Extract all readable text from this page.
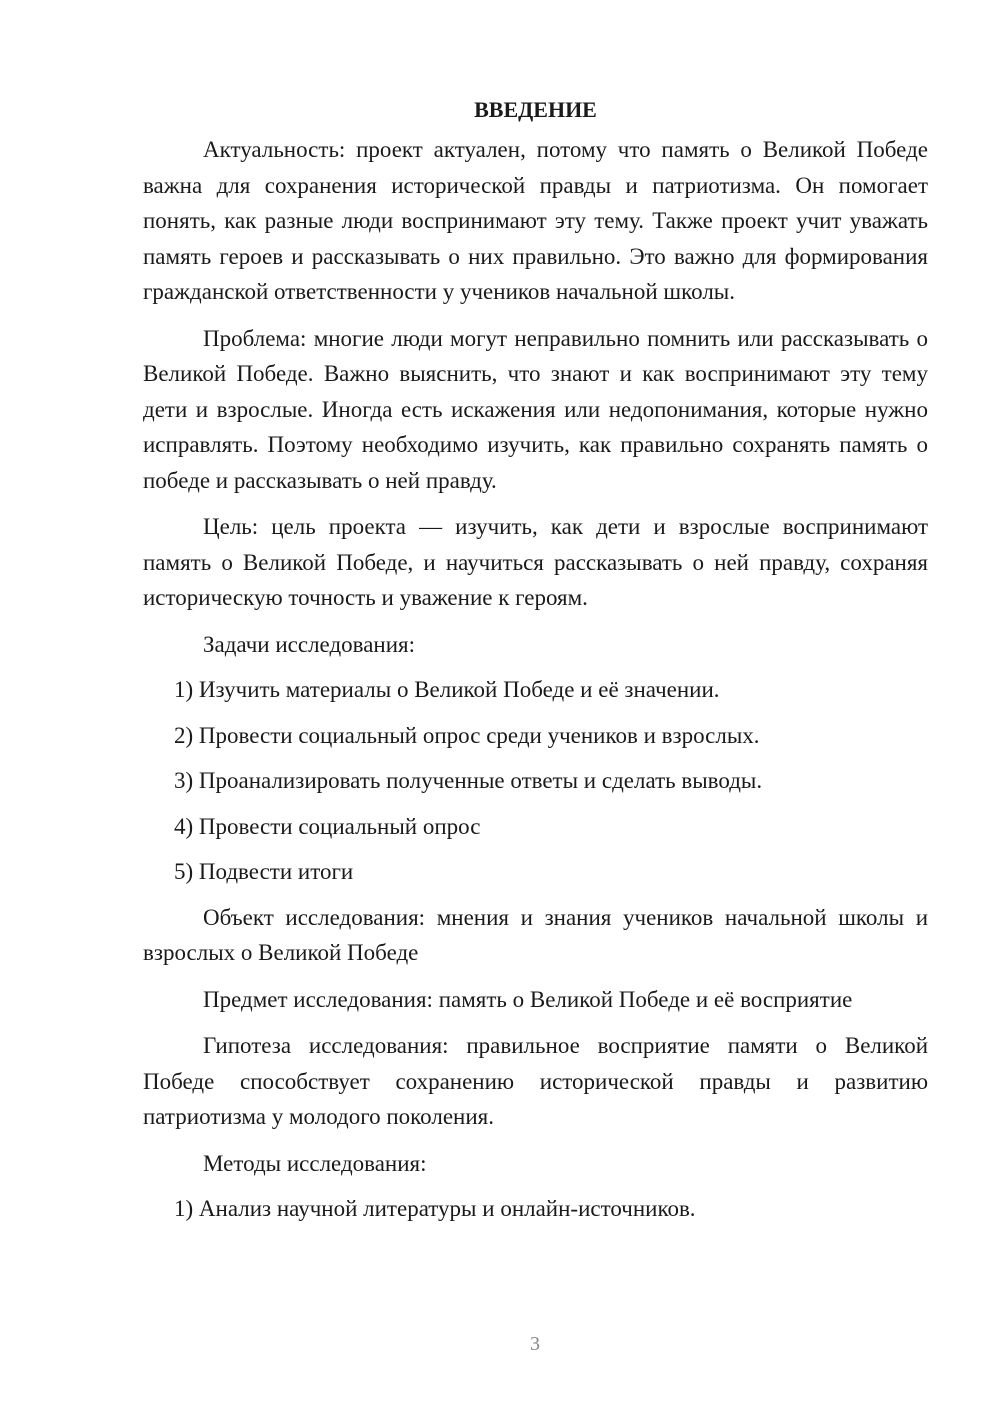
ВВЕДЕНИЕ

Актуальность: проект актуален, потому что память о Великой Победе важна для сохранения исторической правды и патриотизма. Он помогает понять, как разные люди воспринимают эту тему. Также проект учит уважать память героев и рассказывать о них правильно. Это важно для формирования гражданской ответственности у учеников начальной школы.

Проблема: многие люди могут неправильно помнить или рассказывать о Великой Победе. Важно выяснить, что знают и как воспринимают эту тему дети и взрослые. Иногда есть искажения или недопонимания, которые нужно исправлять. Поэтому необходимо изучить, как правильно сохранять память о победе и рассказывать о ней правду.

Цель: цель проекта — изучить, как дети и взрослые воспринимают память о Великой Победе, и научиться рассказывать о ней правду, сохраняя историческую точность и уважение к героям.

Задачи исследования:

1) Изучить материалы о Великой Победе и её значении.

2) Провести социальный опрос среди учеников и взрослых.

3) Проанализировать полученные ответы и сделать выводы.

4) Провести социальный опрос

5) Подвести итоги

Объект исследования: мнения и знания учеников начальной школы и взрослых о Великой Победе

Предмет исследования: память о Великой Победе и её восприятие

Гипотеза исследования: правильное восприятие памяти о Великой Победе способствует сохранению исторической правды и развитию патриотизма у молодого поколения.

Методы исследования:

1) Анализ научной литературы и онлайн-источников.

3
